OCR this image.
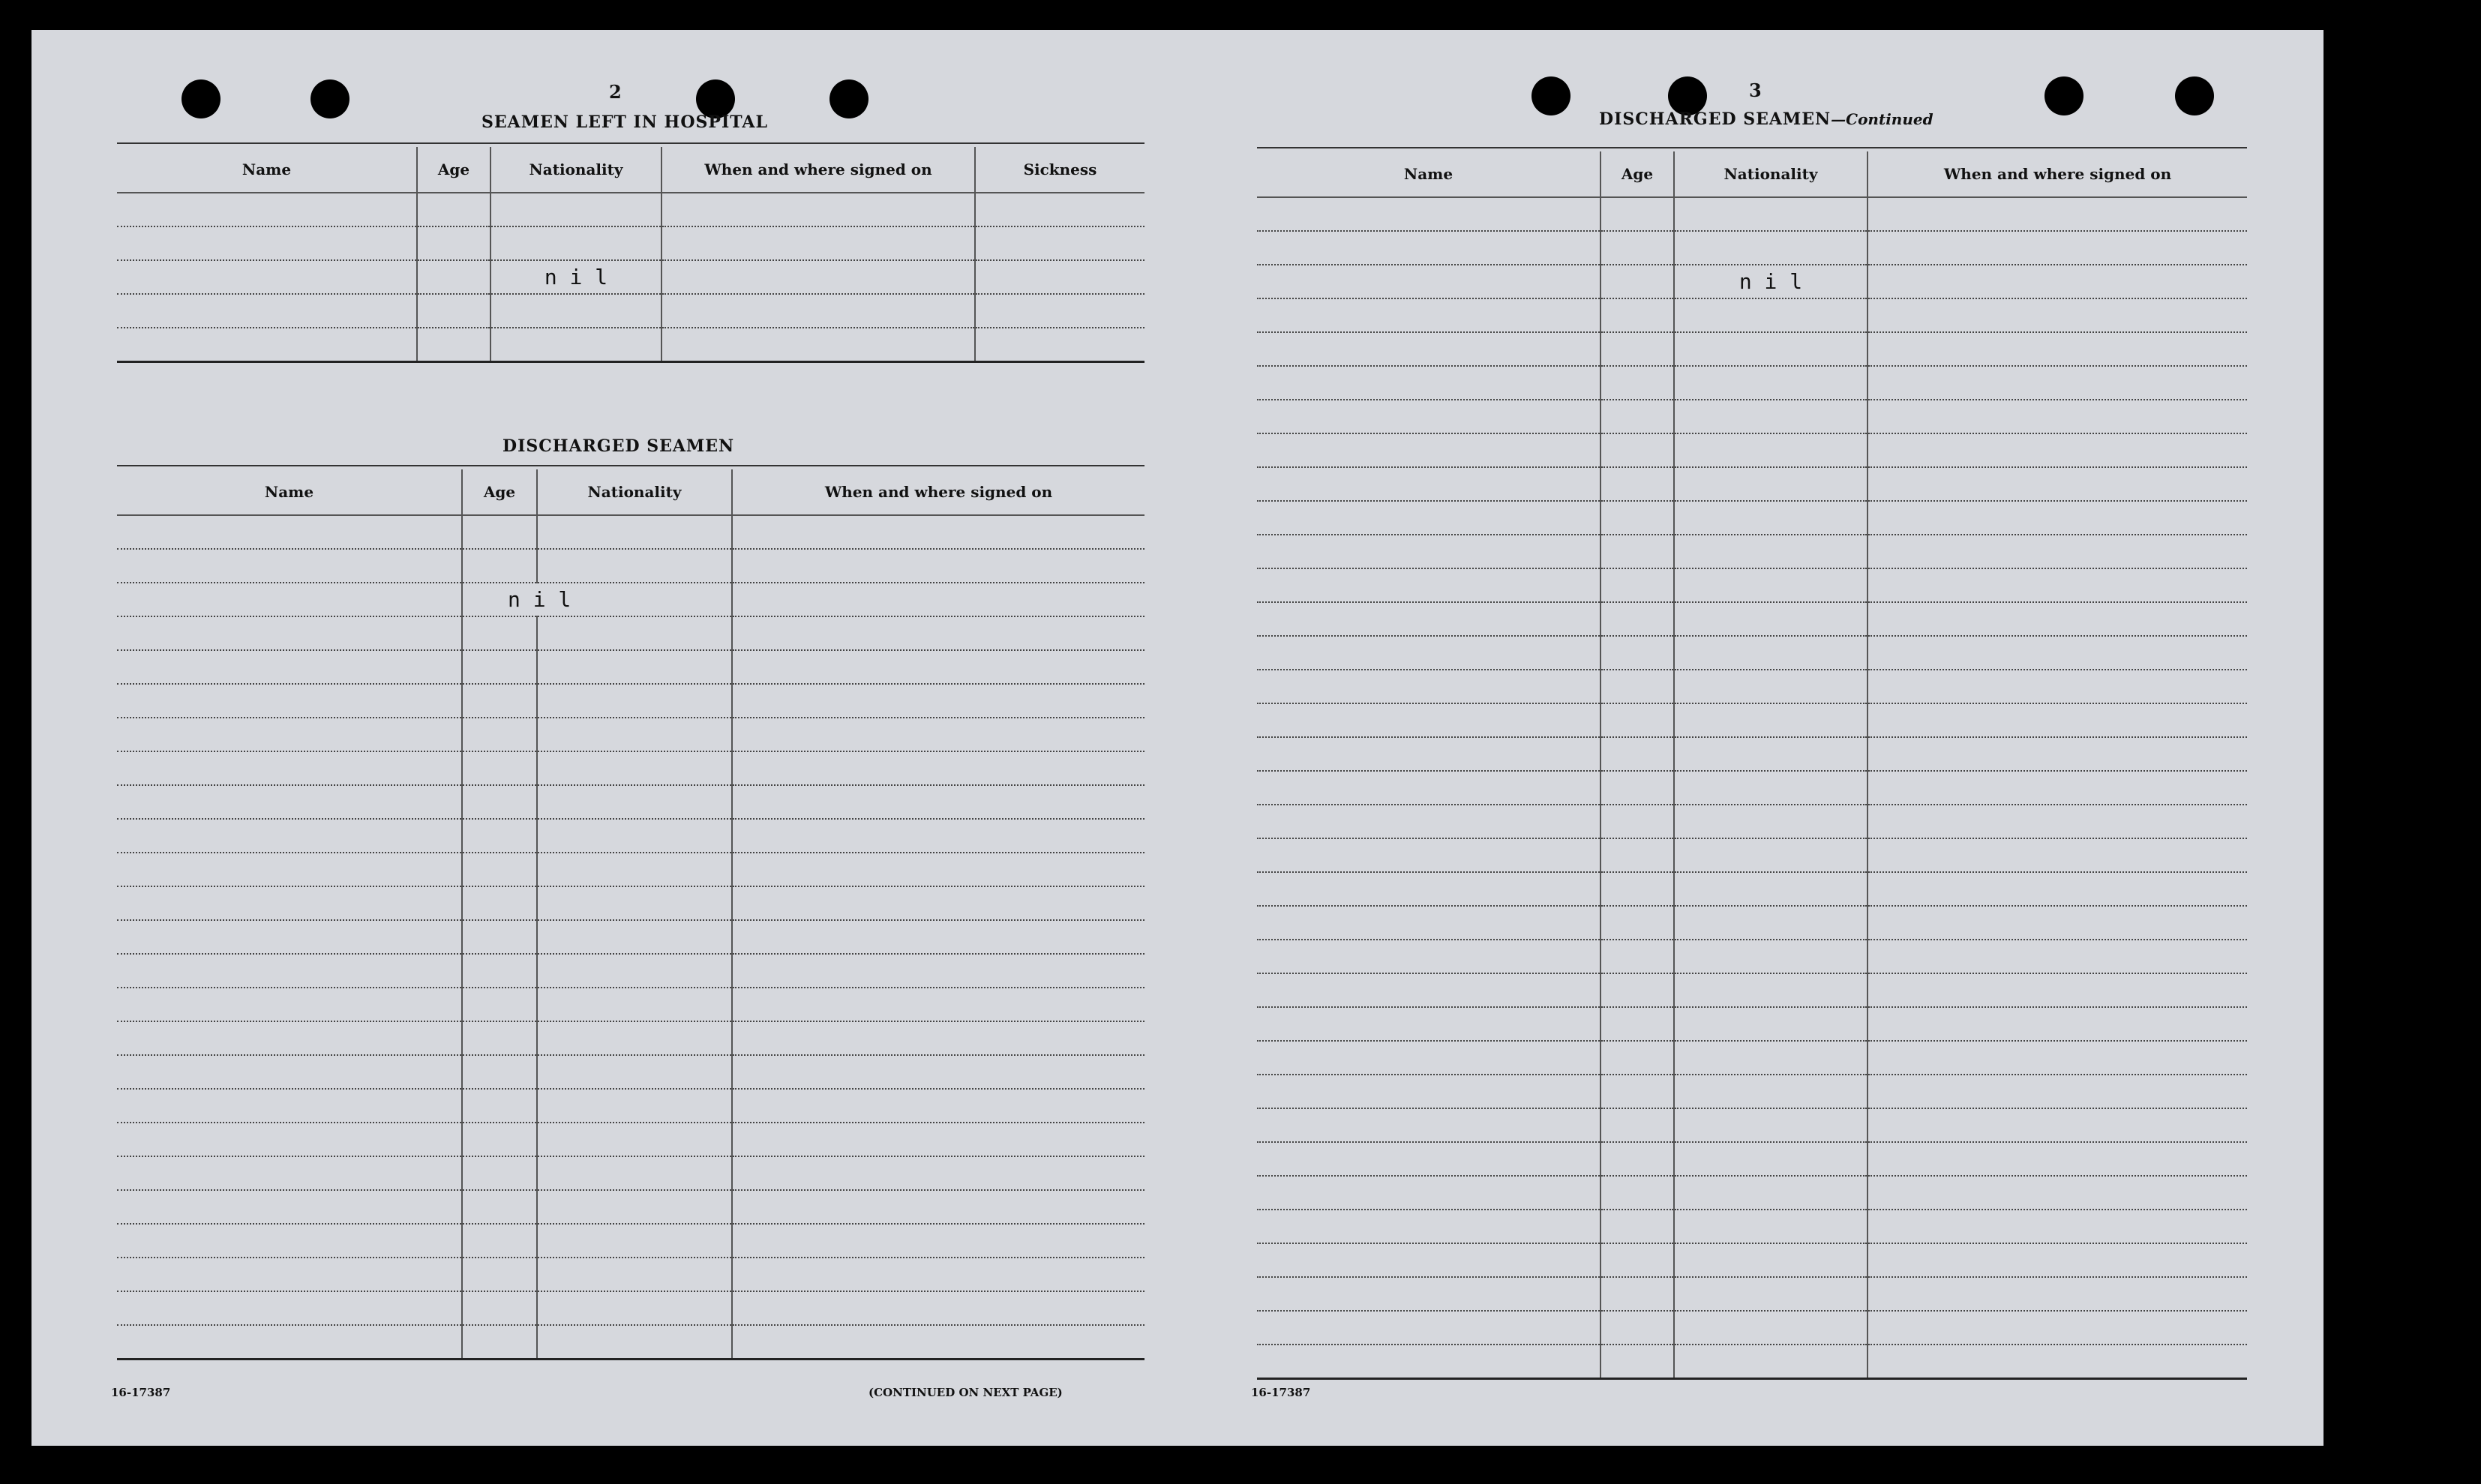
2
SEAMEN LEFT IN HOSPITAL
Name	Age	Nationality	When and where signed on	Sickness

		n i l		

DISCHARGED SEAMEN
Name	Age	Nationality	When and where signed on

	n i l		

16-17387	(CONTINUED ON NEXT PAGE)
3
DISCHARGED SEAMEN—Continued
Name	Age	Nationality	When and where signed on

		n i l	

16-17387
